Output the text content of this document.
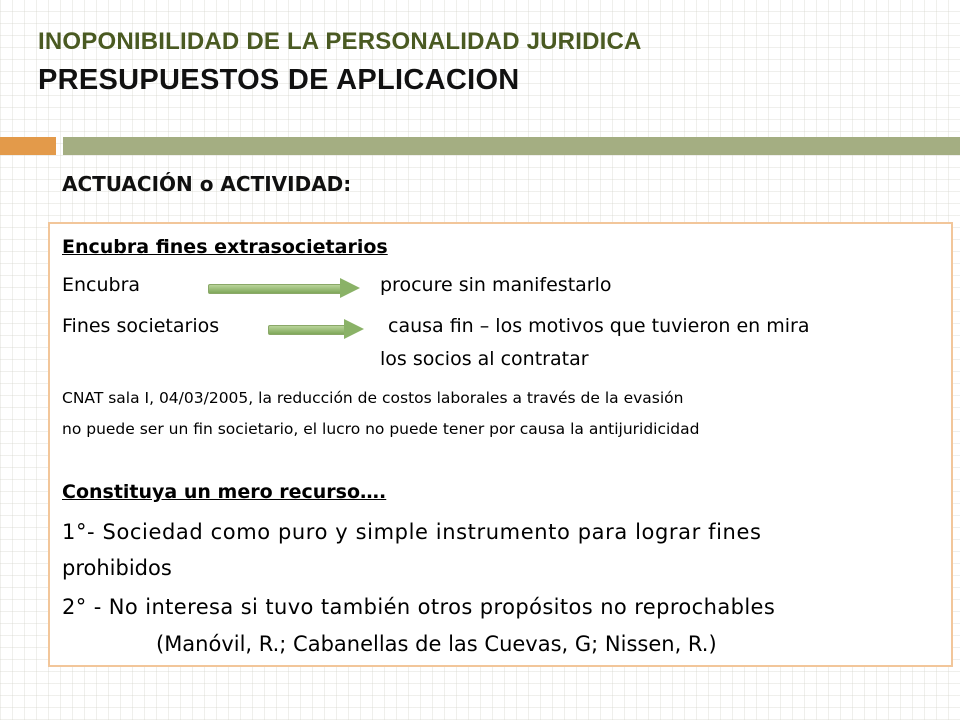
INOPONIBILIDAD DE LA PERSONALIDAD JURIDICA
PRESUPUESTOS DE APLICACION
ACTUACIÓN o ACTIVIDAD:
Encubra fines extrasocietarios
Encubra	procure sin manifestarlo
Fines societarios	causa fin – los motivos que tuvieron en mira
los socios al contratar
CNAT sala I, 04/03/2005, la reducción de costos laborales a través de la evasión
no puede ser un fin societario, el lucro no puede tener por causa la antijuridicidad
Constituya un mero recurso….
1°- Sociedad como puro y simple instrumento para lograr fines
prohibidos
2° - No interesa si tuvo también otros propósitos no reprochables
(Manóvil, R.; Cabanellas de las Cuevas, G; Nissen, R.)
